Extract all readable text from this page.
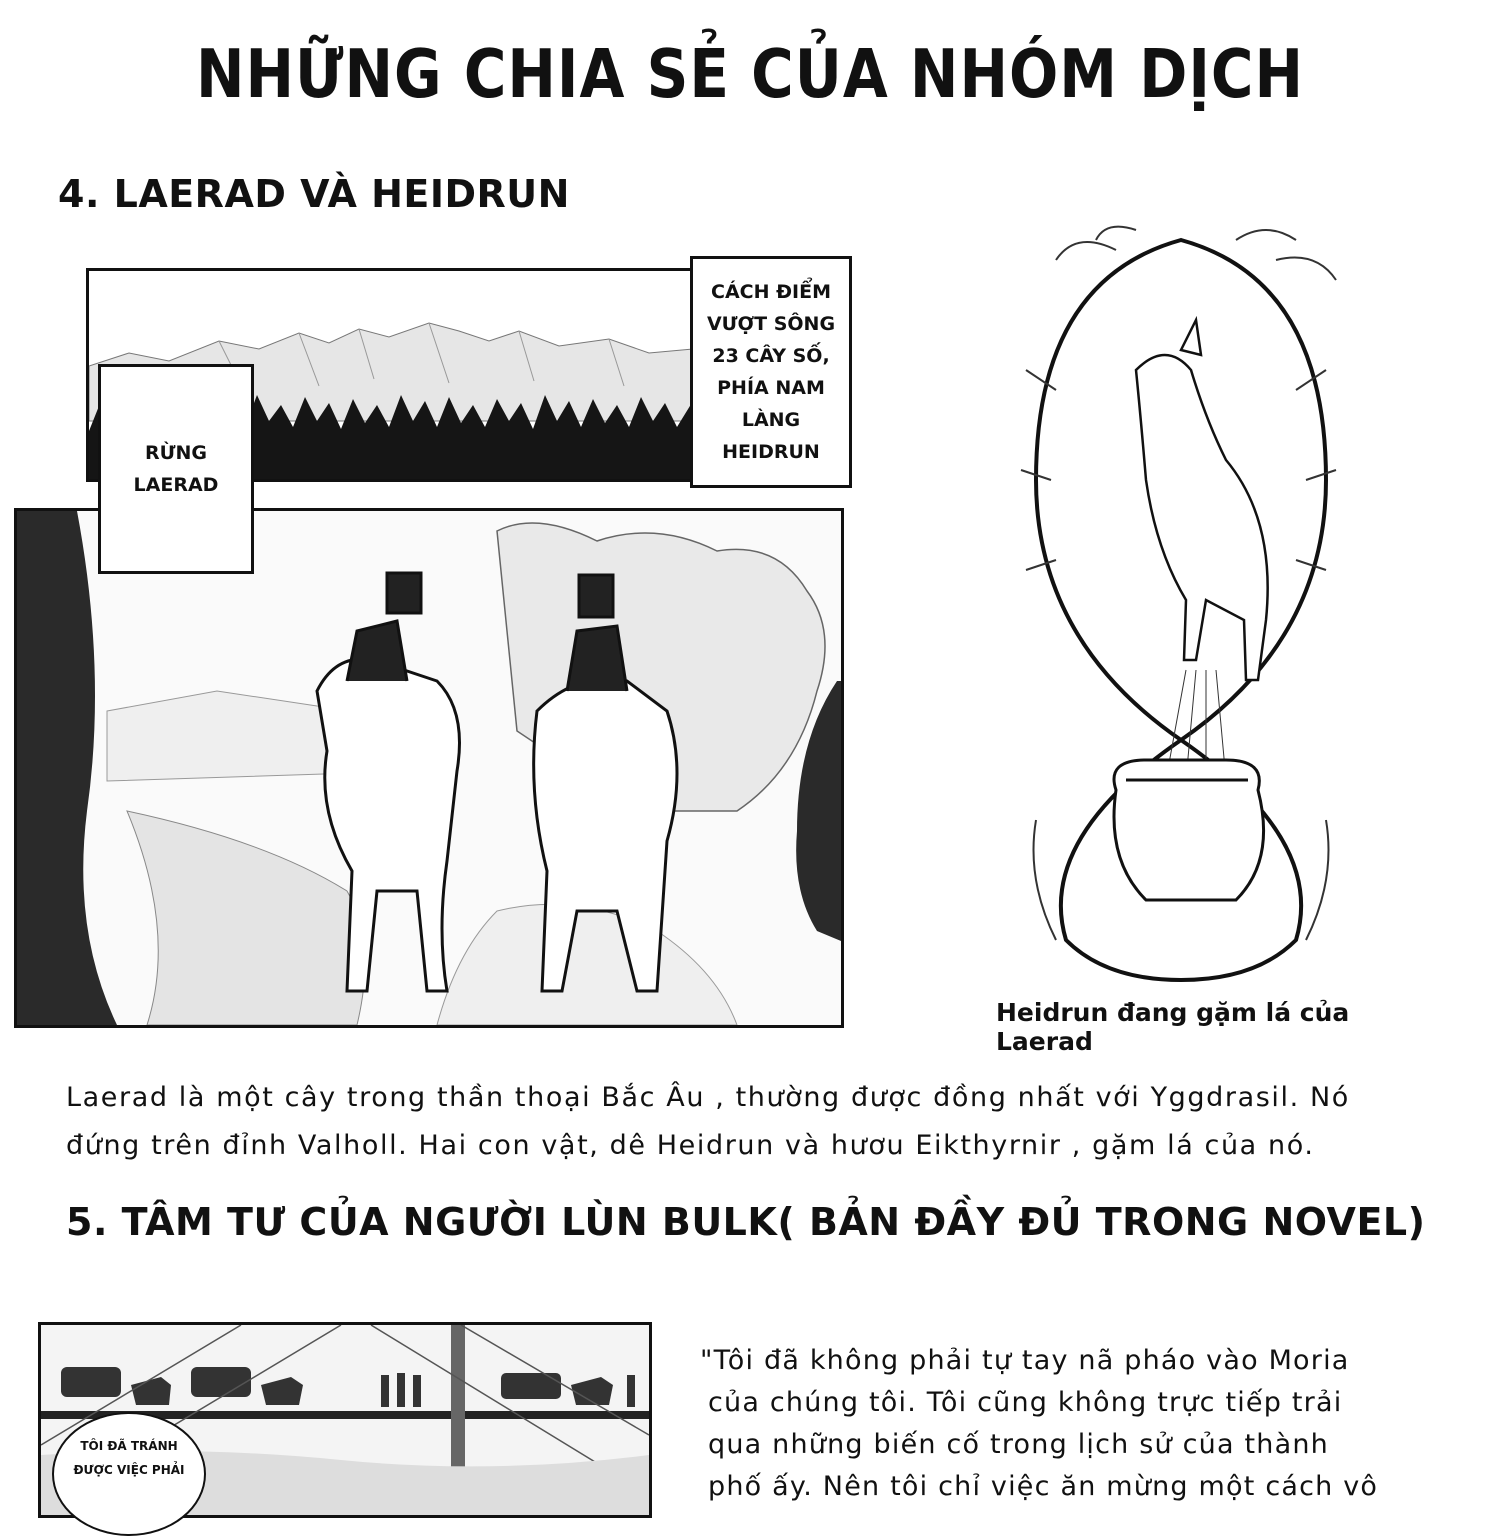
NHỮNG CHIA SẺ CỦA NHÓM DỊCH
4. LAERAD VÀ HEIDRUN
CÁCH ĐIỂM
VƯỢT SÔNG
23 CÂY SỐ,
PHÍA NAM
LÀNG
HEIDRUN
RỪNG
LAERAD
Heidrun đang gặm lá của Laerad
Laerad là một cây trong thần thoại Bắc Âu , thường được đồng nhất với Yggdrasil. Nó
đứng trên đỉnh Valholl. Hai con vật, dê Heidrun và hươu Eikthyrnir , gặm lá của nó.
5. TÂM TƯ CỦA NGƯỜI LÙN BULK( BẢN ĐẦY ĐỦ TRONG NOVEL)
TÔI ĐÃ TRÁNH
ĐƯỢC VIỆC PHẢI
"Tôi đã không phải tự tay nã pháo vào Moria
của chúng tôi. Tôi cũng không trực tiếp trải
qua những biến cố trong lịch sử của thành
phố ấy. Nên tôi chỉ việc ăn mừng một cách vô
